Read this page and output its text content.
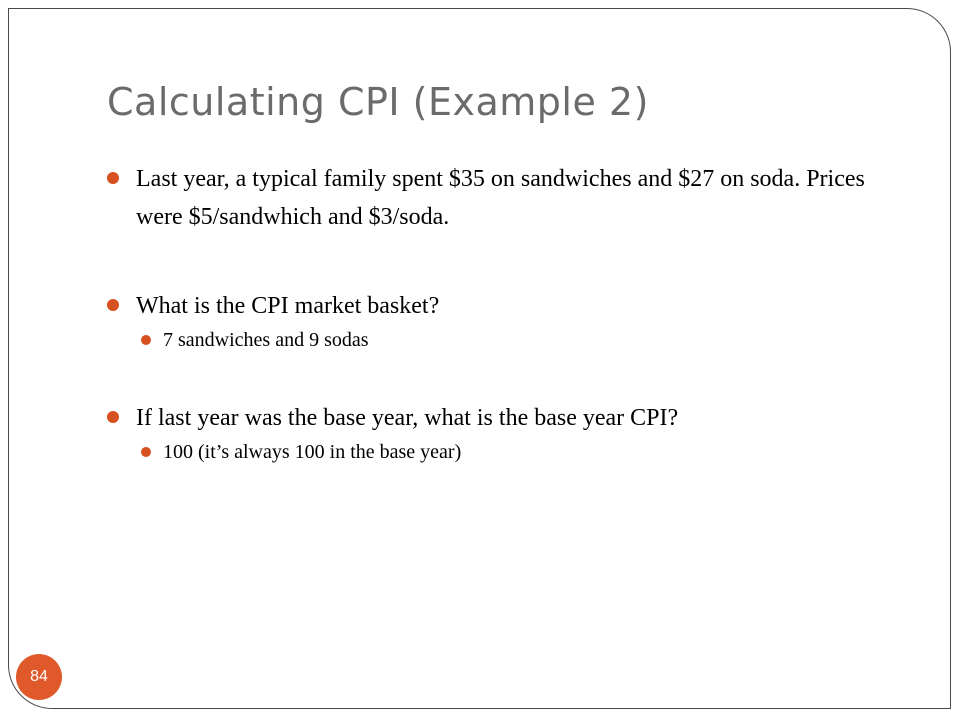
Calculating CPI (Example 2)
Last year, a typical family spent $35 on sandwiches and $27 on soda. Prices were $5/sandwhich and $3/soda.
What is the CPI market basket?
7 sandwiches and 9 sodas
If last year was the base year, what is the base year CPI?
100 (it’s always 100 in the base year)
84
